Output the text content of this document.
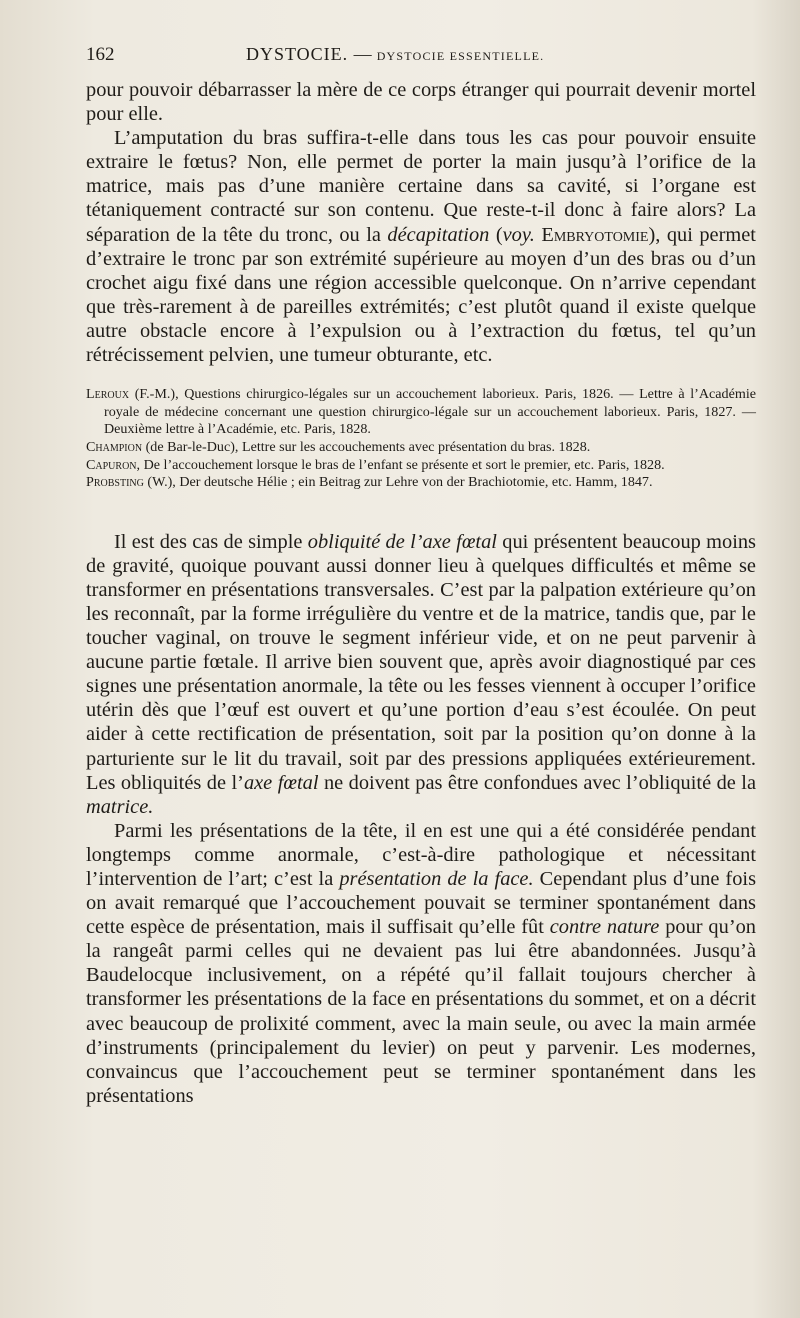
162	DYSTOCIE. — DYSTOCIE ESSENTIELLE.

pour pouvoir débarrasser la mère de ce corps étranger qui pourrait devenir mortel pour elle.

L’amputation du bras suffira-t-elle dans tous les cas pour pouvoir ensuite extraire le fœtus? Non, elle permet de porter la main jusqu’à l’orifice de la matrice, mais pas d’une manière certaine dans sa cavité, si l’organe est tétaniquement contracté sur son contenu. Que reste-t-il donc à faire alors? La séparation de la tête du tronc, ou la décapitation (voy. Embryotomie), qui permet d’extraire le tronc par son extrémité supérieure au moyen d’un des bras ou d’un crochet aigu fixé dans une région accessible quelconque. On n’arrive cependant que très-rarement à de pareilles extrémités; c’est plutôt quand il existe quelque autre obstacle encore à l’expulsion ou à l’extraction du fœtus, tel qu’un rétrécissement pelvien, une tumeur obturante, etc.

Leroux (F.-M.), Questions chirurgico-légales sur un accouchement laborieux. Paris, 1826. — Lettre à l’Académie royale de médecine concernant une question chirurgico-légale sur un accouchement laborieux. Paris, 1827. — Deuxième lettre à l’Académie, etc. Paris, 1828.

Champion (de Bar-le-Duc), Lettre sur les accouchements avec présentation du bras. 1828.

Capuron, De l’accouchement lorsque le bras de l’enfant se présente et sort le premier, etc. Paris, 1828.

Probsting (W.), Der deutsche Hélie ; ein Beitrag zur Lehre von der Brachiotomie, etc. Hamm, 1847.

Il est des cas de simple obliquité de l’axe fœtal qui présentent beaucoup moins de gravité, quoique pouvant aussi donner lieu à quelques difficultés et même se transformer en présentations transversales. C’est par la palpation extérieure qu’on les reconnaît, par la forme irrégulière du ventre et de la matrice, tandis que, par le toucher vaginal, on trouve le segment inférieur vide, et on ne peut parvenir à aucune partie fœtale. Il arrive bien souvent que, après avoir diagnostiqué par ces signes une présentation anormale, la tête ou les fesses viennent à occuper l’orifice utérin dès que l’œuf est ouvert et qu’une portion d’eau s’est écoulée. On peut aider à cette rectification de présentation, soit par la position qu’on donne à la parturiente sur le lit du travail, soit par des pressions appliquées extérieurement. Les obliquités de l’axe fœtal ne doivent pas être confondues avec l’obliquité de la matrice.

Parmi les présentations de la tête, il en est une qui a été considérée pendant longtemps comme anormale, c’est-à-dire pathologique et nécessitant l’intervention de l’art; c’est la présentation de la face. Cependant plus d’une fois on avait remarqué que l’accouchement pouvait se terminer spontanément dans cette espèce de présentation, mais il suffisait qu’elle fût contre nature pour qu’on la rangeât parmi celles qui ne devaient pas lui être abandonnées. Jusqu’à Baudelocque inclusivement, on a répété qu’il fallait toujours chercher à transformer les présentations de la face en présentations du sommet, et on a décrit avec beaucoup de prolixité comment, avec la main seule, ou avec la main armée d’instruments (principalement du levier) on peut y parvenir. Les modernes, convaincus que l’accouchement peut se terminer spontanément dans les présentations
